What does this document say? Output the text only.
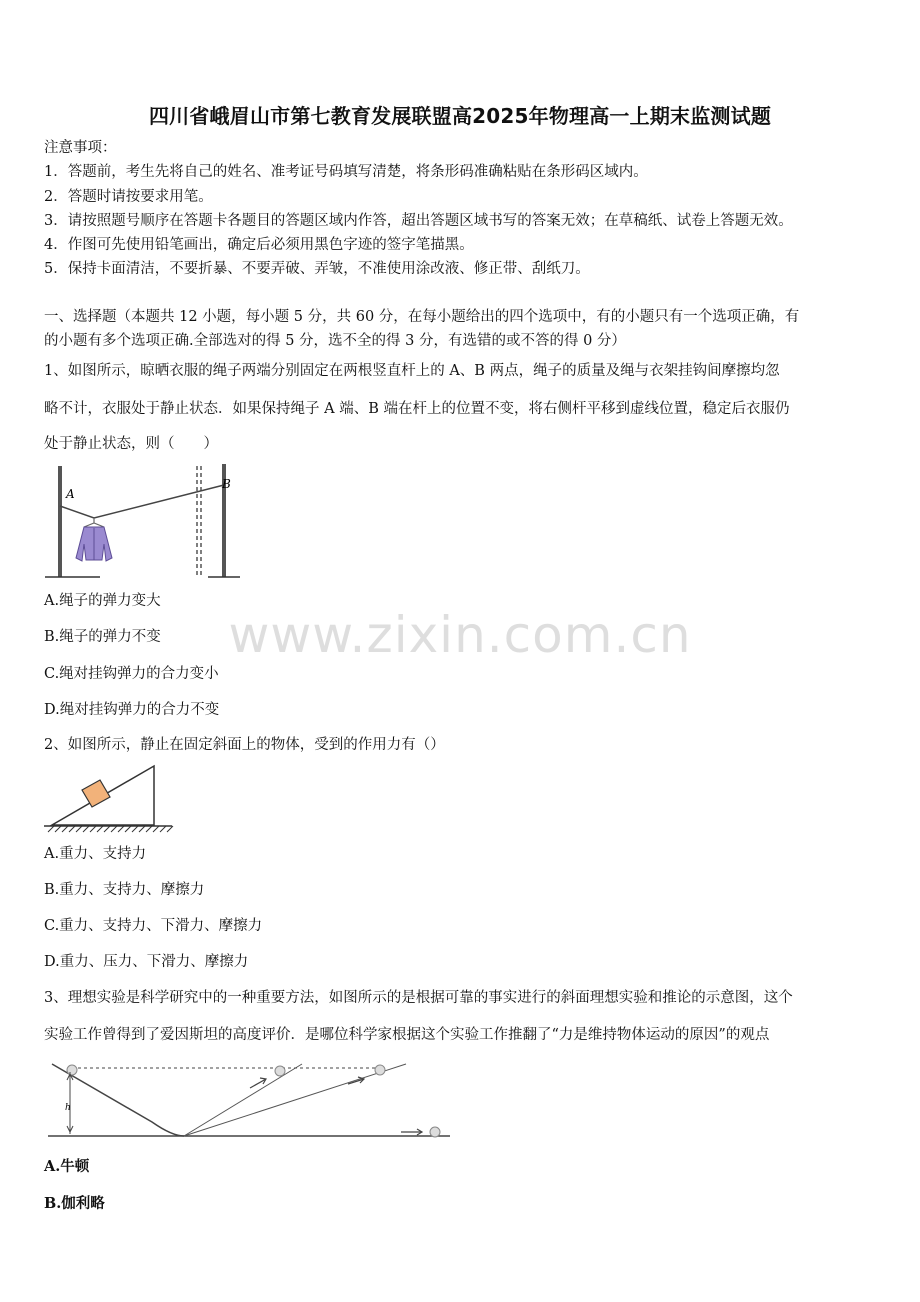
四川省峨眉山市第七教育发展联盟高2025年物理高一上期末监测试题
注意事项：
1．答题前，考生先将自己的姓名、准考证号码填写清楚，将条形码准确粘贴在条形码区域内。
2．答题时请按要求用笔。
3．请按照题号顺序在答题卡各题目的答题区域内作答，超出答题区域书写的答案无效；在草稿纸、试卷上答题无效。
4．作图可先使用铅笔画出，确定后必须用黑色字迹的签字笔描黑。
5．保持卡面清洁，不要折暴、不要弄破、弄皱，不准使用涂改液、修正带、刮纸刀。
一、选择题（本题共 12 小题，每小题 5 分，共 60 分，在每小题给出的四个选项中，有的小题只有一个选项正确，有
的小题有多个选项正确.全部选对的得 5 分，选不全的得 3 分，有选错的或不答的得 0 分）
1、如图所示，晾晒衣服的绳子两端分别固定在两根竖直杆上的 A、B 两点，绳子的质量及绳与衣架挂钩间摩擦均忽
略不计，衣服处于静止状态．如果保持绳子 A 端、B 端在杆上的位置不变，将右侧杆平移到虚线位置，稳定后衣服仍
处于静止状态，则（　　）
A
B
A.绳子的弹力变大
B.绳子的弹力不变
C.绳对挂钩弹力的合力变小
D.绳对挂钩弹力的合力不变
www.zixin.com.cn
2、如图所示，静止在固定斜面上的物体，受到的作用力有（）
A.重力、支持力
B.重力、支持力、摩擦力
C.重力、支持力、下滑力、摩擦力
D.重力、压力、下滑力、摩擦力
3、理想实验是科学研究中的一种重要方法，如图所示的是根据可靠的事实进行的斜面理想实验和推论的示意图，这个
实验工作曾得到了爱因斯坦的高度评价．是哪位科学家根据这个实验工作推翻了“力是维持物体运动的原因”的观点
h
A.牛顿
B.伽利略
